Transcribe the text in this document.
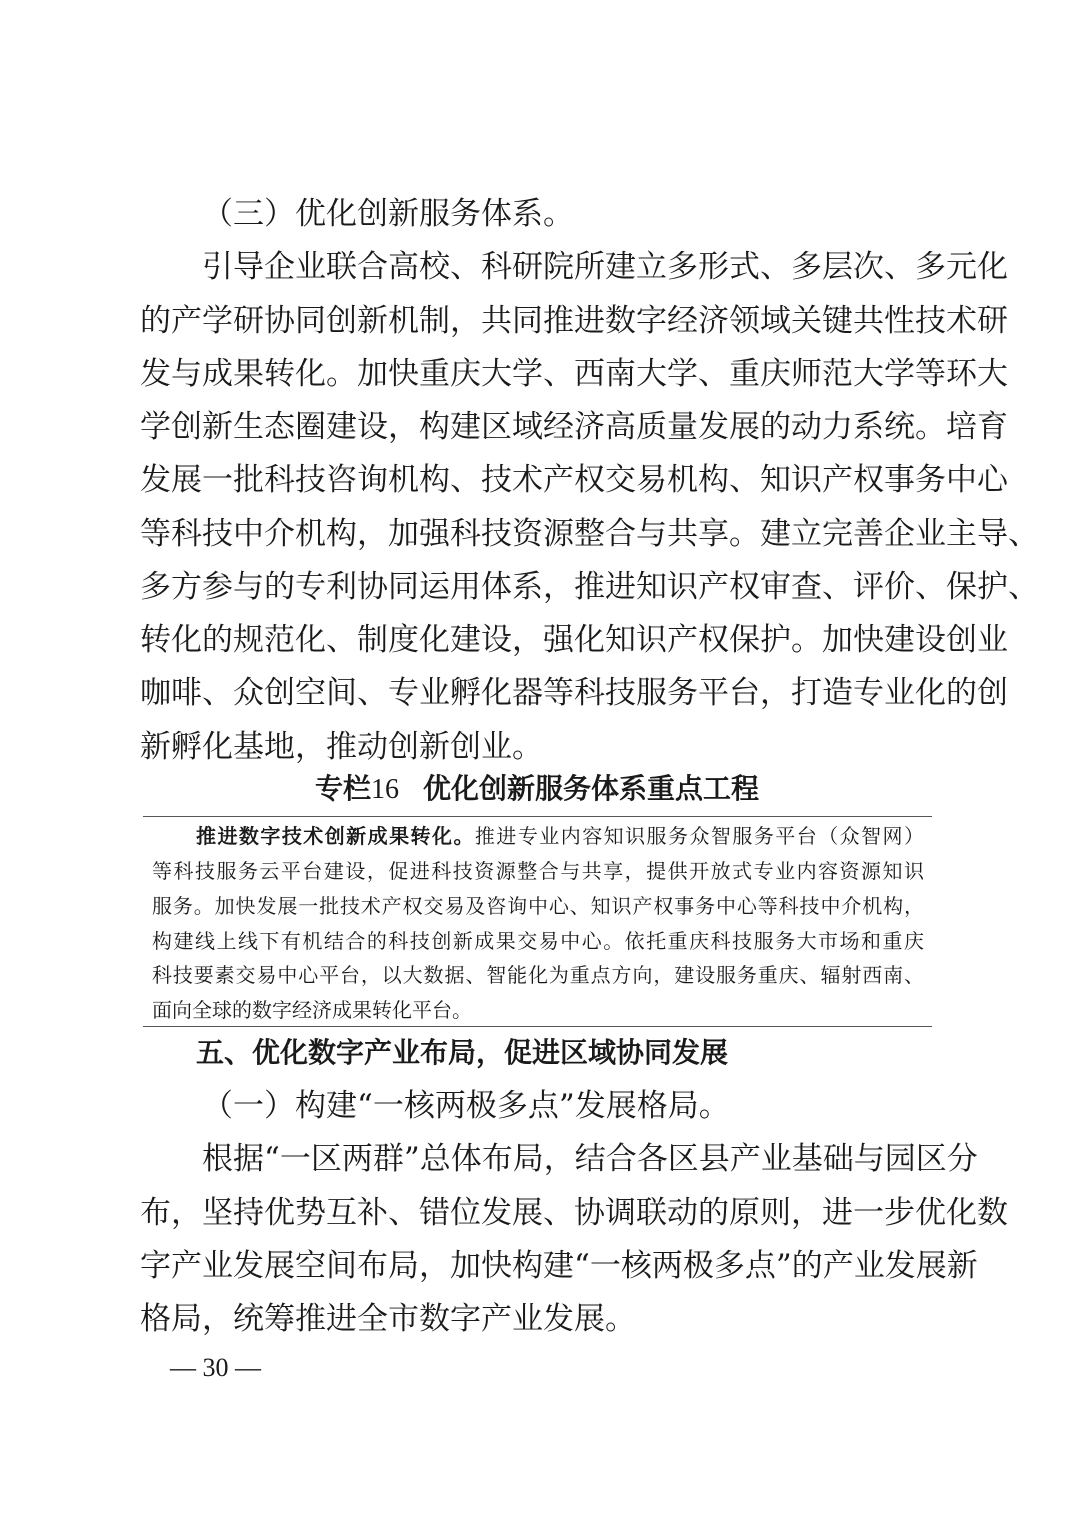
（三）优化创新服务体系。
引导企业联合高校、科研院所建立多形式、多层次、多元化
的产学研协同创新机制，共同推进数字经济领域关键共性技术研
发与成果转化。加快重庆大学、西南大学、重庆师范大学等环大
学创新生态圈建设，构建区域经济高质量发展的动力系统。培育
发展一批科技咨询机构、技术产权交易机构、知识产权事务中心
等科技中介机构，加强科技资源整合与共享。建立完善企业主导、
多方参与的专利协同运用体系，推进知识产权审查、评价、保护、
转化的规范化、制度化建设，强化知识产权保护。加快建设创业
咖啡、众创空间、专业孵化器等科技服务平台，打造专业化的创
新孵化基地，推动创新创业。
专栏16 优化创新服务体系重点工程
推进数字技术创新成果转化。推进专业内容知识服务众智服务平台（众智网）
等科技服务云平台建设，促进科技资源整合与共享，提供开放式专业内容资源知识
服务。加快发展一批技术产权交易及咨询中心、知识产权事务中心等科技中介机构，
构建线上线下有机结合的科技创新成果交易中心。依托重庆科技服务大市场和重庆
科技要素交易中心平台，以大数据、智能化为重点方向，建设服务重庆、辐射西南、
面向全球的数字经济成果转化平台。
五、优化数字产业布局，促进区域协同发展
（一）构建“一核两极多点”发展格局。
根据“一区两群”总体布局，结合各区县产业基础与园区分
布，坚持优势互补、错位发展、协调联动的原则，进一步优化数
字产业发展空间布局，加快构建“一核两极多点”的产业发展新
格局，统筹推进全市数字产业发展。
— 30 —
